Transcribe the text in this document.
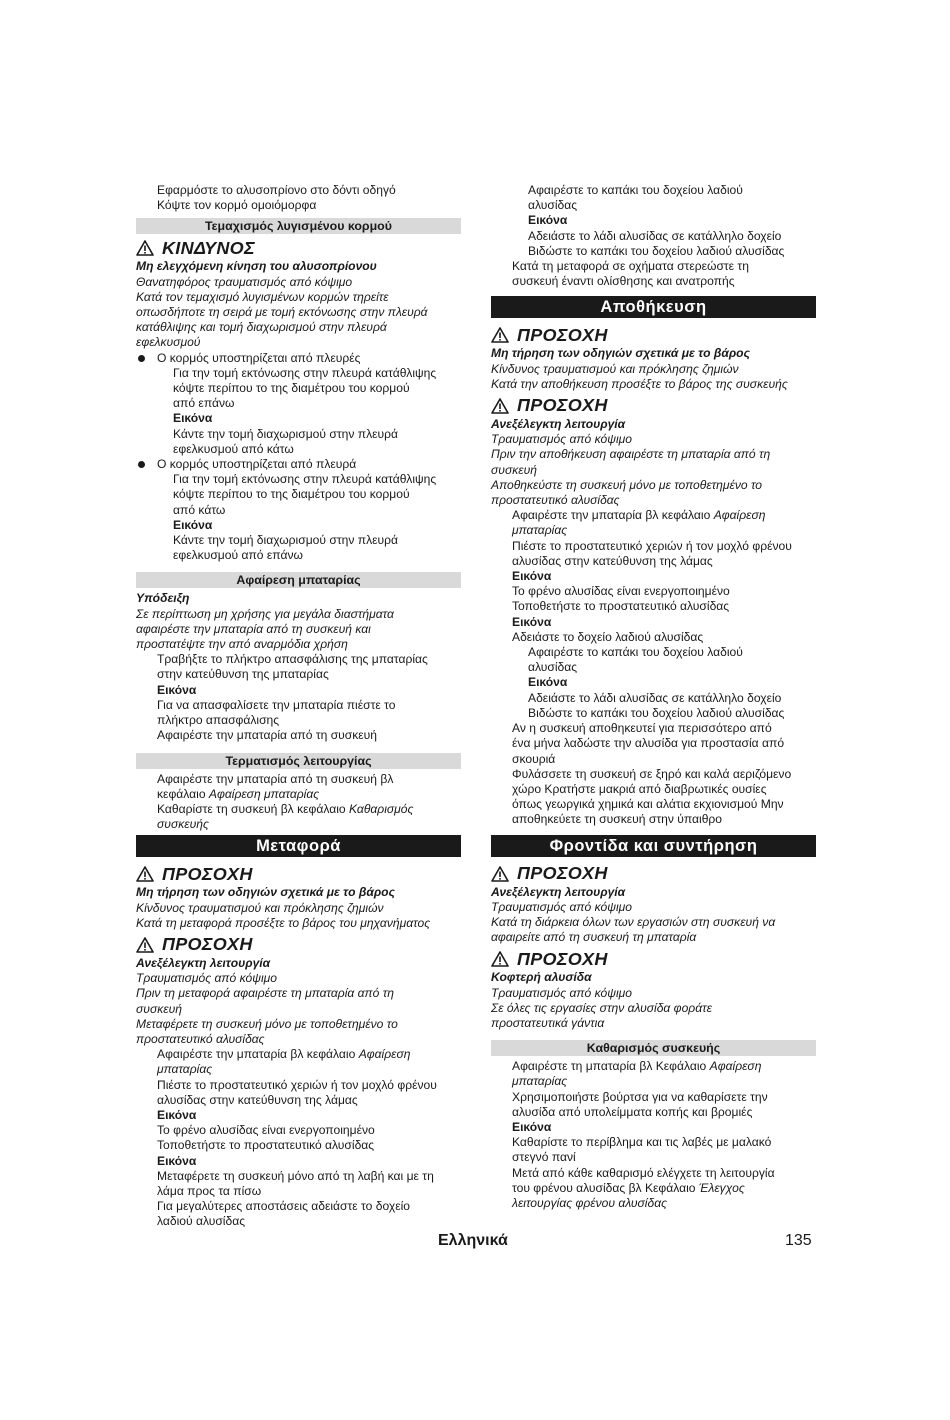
Εφαρμόστε το αλυσοπρίονο στο δόντι οδηγό

Κόψτε τον κορμό ομοιόμορφα

Τεμαχισμός λυγισμένου κορμού
ΚΙΝΔΥΝΟΣ

Μη ελεγχόμενη κίνηση του αλυσοπρίονου

Θανατηφόρος τραυματισμός από κόψιμο

Κατά τον τεμαχισμό λυγισμένων κορμών τηρείτε
οπωσδήποτε τη σειρά με τομή εκτόνωσης στην πλευρά
κατάθλιψης και τομή διαχωρισμού στην πλευρά
εφελκυσμού

Ο κορμός υποστηρίζεται από πλευρές

Για την τομή εκτόνωσης στην πλευρά κατάθλιψης
κόψτε περίπου το της διαμέτρου του κορμού
από επάνω

Εικόνα

Κάντε την τομή διαχωρισμού στην πλευρά
εφελκυσμού από κάτω

Ο κορμός υποστηρίζεται από πλευρά

Για την τομή εκτόνωσης στην πλευρά κατάθλιψης
κόψτε περίπου το της διαμέτρου του κορμού
από κάτω

Εικόνα

Κάντε την τομή διαχωρισμού στην πλευρά
εφελκυσμού από επάνω

Αφαίρεση μπαταρίας

Υπόδειξη

Σε περίπτωση μη χρήσης για μεγάλα διαστήματα
αφαιρέστε την μπαταρία από τη συσκευή και
προστατέψτε την από αναρμόδια χρήση

Τραβήξτε το πλήκτρο απασφάλισης της μπαταρίας
στην κατεύθυνση της μπαταρίας

Εικόνα

Για να απασφαλίσετε την μπαταρία πιέστε το
πλήκτρο απασφάλισης

Αφαιρέστε την μπαταρία από τη συσκευή

Τερματισμός λειτουργίας

Αφαιρέστε την μπαταρία από τη συσκευή βλ
κεφάλαιο Αφαίρεση μπαταρίας

Καθαρίστε τη συσκευή βλ κεφάλαιο Καθαρισμός
συσκευής

Μεταφορά
ΠΡΟΣΟΧΗ

Μη τήρηση των οδηγιών σχετικά με το βάρος

Κίνδυνος τραυματισμού και πρόκλησης ζημιών

Κατά τη μεταφορά προσέξτε το βάρος του μηχανήματος

ΠΡΟΣΟΧΗ

Ανεξέλεγκτη λειτουργία

Τραυματισμός από κόψιμο

Πριν τη μεταφορά αφαιρέστε τη μπαταρία από τη
συσκευή

Μεταφέρετε τη συσκευή μόνο με τοποθετημένο το
προστατευτικό αλυσίδας

Αφαιρέστε την μπαταρία βλ κεφάλαιο Αφαίρεση
μπαταρίας

Πιέστε το προστατευτικό χεριών ή τον μοχλό φρένου
αλυσίδας στην κατεύθυνση της λάμας

Εικόνα

Το φρένο αλυσίδας είναι ενεργοποιημένο

Τοποθετήστε το προστατευτικό αλυσίδας

Εικόνα

Μεταφέρετε τη συσκευή μόνο από τη λαβή και με τη
λάμα προς τα πίσω

Για μεγαλύτερες αποστάσεις αδειάστε το δοχείο
λαδιού αλυσίδας

Αφαιρέστε το καπάκι του δοχείου λαδιού
αλυσίδας

Εικόνα

Αδειάστε το λάδι αλυσίδας σε κατάλληλο δοχείο

Βιδώστε το καπάκι του δοχείου λαδιού αλυσίδας

Κατά τη μεταφορά σε οχήματα στερεώστε τη
συσκευή έναντι ολίσθησης και ανατροπής

Αποθήκευση
ΠΡΟΣΟΧΗ

Μη τήρηση των οδηγιών σχετικά με το βάρος

Κίνδυνος τραυματισμού και πρόκλησης ζημιών

Κατά την αποθήκευση προσέξτε το βάρος της συσκευής

ΠΡΟΣΟΧΗ

Ανεξέλεγκτη λειτουργία

Τραυματισμός από κόψιμο

Πριν την αποθήκευση αφαιρέστε τη μπαταρία από τη
συσκευή

Αποθηκεύστε τη συσκευή μόνο με τοποθετημένο το
προστατευτικό αλυσίδας

Αφαιρέστε την μπαταρία βλ κεφάλαιο Αφαίρεση
μπαταρίας

Πιέστε το προστατευτικό χεριών ή τον μοχλό φρένου
αλυσίδας στην κατεύθυνση της λάμας

Εικόνα

Το φρένο αλυσίδας είναι ενεργοποιημένο

Τοποθετήστε το προστατευτικό αλυσίδας

Εικόνα

Αδειάστε το δοχείο λαδιού αλυσίδας

Αφαιρέστε το καπάκι του δοχείου λαδιού
αλυσίδας

Εικόνα

Αδειάστε το λάδι αλυσίδας σε κατάλληλο δοχείο

Βιδώστε το καπάκι του δοχείου λαδιού αλυσίδας

Αν η συσκευή αποθηκευτεί για περισσότερο από
ένα μήνα λαδώστε την αλυσίδα για προστασία από
σκουριά

Φυλάσσετε τη συσκευή σε ξηρό και καλά αεριζόμενο
χώρο Κρατήστε μακριά από διαβρωτικές ουσίες
όπως γεωργικά χημικά και αλάτια εκχιονισμού Μην
αποθηκεύετε τη συσκευή στην ύπαιθρο

Φροντίδα και συντήρηση
ΠΡΟΣΟΧΗ

Ανεξέλεγκτη λειτουργία

Τραυματισμός από κόψιμο

Κατά τη διάρκεια όλων των εργασιών στη συσκευή να
αφαιρείτε από τη συσκευή τη μπαταρία

ΠΡΟΣΟΧΗ

Κοφτερή αλυσίδα

Τραυματισμός από κόψιμο

Σε όλες τις εργασίες στην αλυσίδα φοράτε
προστατευτικά γάντια

Καθαρισμός συσκευής

Αφαιρέστε τη μπαταρία βλ Κεφάλαιο Αφαίρεση
μπαταρίας

Χρησιμοποιήστε βούρτσα για να καθαρίσετε την
αλυσίδα από υπολείμματα κοπής και βρομιές

Εικόνα

Καθαρίστε το περίβλημα και τις λαβές με μαλακό
στεγνό πανί

Μετά από κάθε καθαρισμό ελέγχετε τη λειτουργία
του φρένου αλυσίδας βλ Κεφάλαιο Έλεγχος
λειτουργίας φρένου αλυσίδας

Ελληνικά	135
